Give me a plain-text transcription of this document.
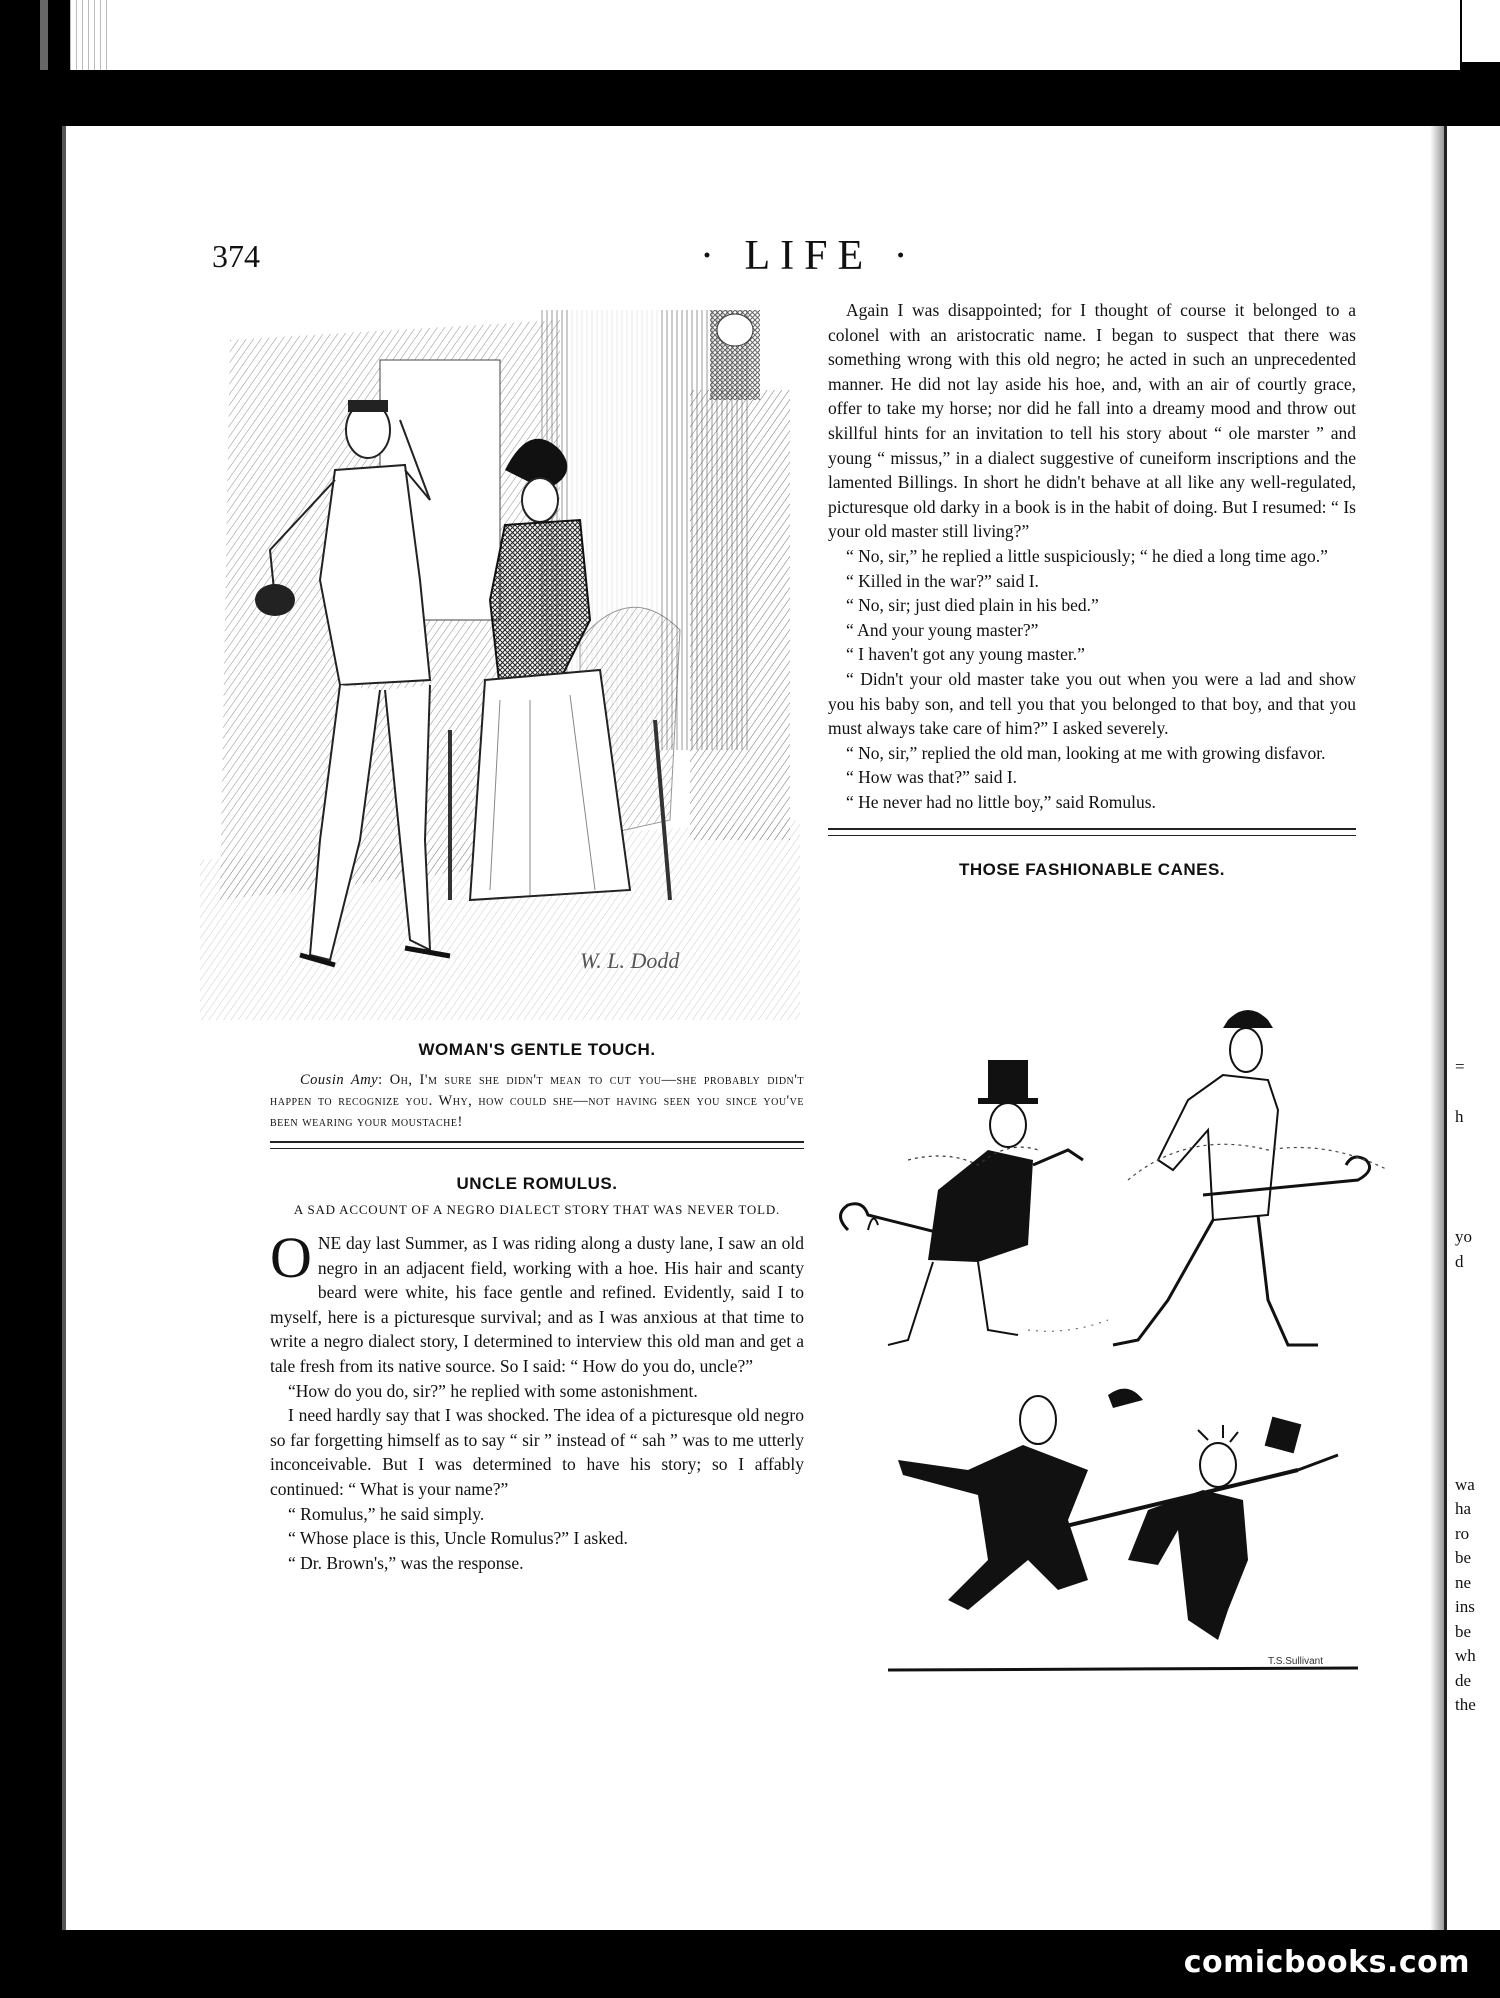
=
h
yo
d
wa
ha
ro
be
ne
ins
be
wh
de
the
374	· LIFE ·
W. L. Dodd
WOMAN'S GENTLE TOUCH.
Cousin Amy: Oh, I'm sure she didn't mean to cut you—she probably didn't happen to recognize you. Why, how could she—not having seen you since you've been wearing your moustache!
UNCLE ROMULUS.
A SAD ACCOUNT OF A NEGRO DIALECT STORY THAT WAS NEVER TOLD.

ONE day last Summer, as I was riding along a dusty lane, I saw an old negro in an adjacent field, working with a hoe. His hair and scanty beard were white, his face gentle and refined. Evidently, said I to myself, here is a picturesque survival; and as I was anxious at that time to write a negro dialect story, I determined to interview this old man and get a tale fresh from its native source. So I said: “ How do you do, uncle?”

“How do you do, sir?” he replied with some astonishment.

I need hardly say that I was shocked. The idea of a picturesque old negro so far forgetting himself as to say “ sir ” instead of “ sah ” was to me utterly inconceivable. But I was determined to have his story; so I affably continued: “ What is your name?”

“ Romulus,” he said simply.

“ Whose place is this, Uncle Romulus?” I asked.

“ Dr. Brown's,” was the response.

Again I was disappointed; for I thought of course it belonged to a colonel with an aristocratic name. I began to suspect that there was something wrong with this old negro; he acted in such an unprecedented manner. He did not lay aside his hoe, and, with an air of courtly grace, offer to take my horse; nor did he fall into a dreamy mood and throw out skillful hints for an invitation to tell his story about “ ole marster ” and young “ missus,” in a dialect suggestive of cuneiform inscriptions and the lamented Billings. In short he didn't behave at all like any well-regulated, picturesque old darky in a book is in the habit of doing. But I resumed: “ Is your old master still living?”

“ No, sir,” he replied a little suspiciously; “ he died a long time ago.”

“ Killed in the war?” said I.

“ No, sir; just died plain in his bed.”

“ And your young master?”

“ I haven't got any young master.”

“ Didn't your old master take you out when you were a lad and show you his baby son, and tell you that you belonged to that boy, and that you must always take care of him?” I asked severely.

“ No, sir,” replied the old man, looking at me with growing disfavor.

“ How was that?” said I.

“ He never had no little boy,” said Romulus.

THOSE FASHIONABLE CANES.
T.S.Sullivant
comicbooks.com
